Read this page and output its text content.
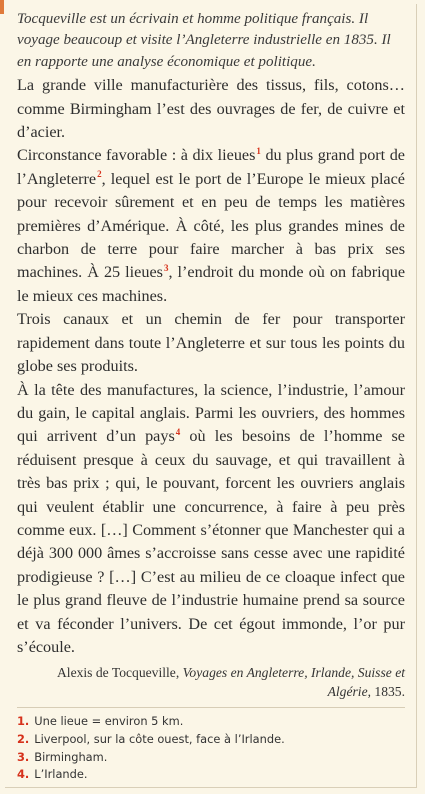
Tocqueville est un écrivain et homme politique français. Il voyage beaucoup et visite l’Angleterre industrielle en 1835. Il en rapporte une analyse économique et politique.

La grande ville manufacturière des tissus, fils, cotons… comme Birmingham l’est des ouvrages de fer, de cuivre et d’acier.

Circonstance favorable : à dix lieues$^1$ du plus grand port de l’Angleterre$^2$, lequel est le port de l’Europe le mieux placé pour recevoir sûrement et en peu de temps les matières premières d’Amérique. À côté, les plus grandes mines de charbon de terre pour faire marcher à bas prix ses machines. À 25 lieues$^3$, l’endroit du monde où on fabrique le mieux ces machines.

Trois canaux et un chemin de fer pour transporter rapidement dans toute l’Angleterre et sur tous les points du globe ses produits.

À la tête des manufactures, la science, l’industrie, l’amour du gain, le capital anglais. Parmi les ouvriers, des hommes qui arrivent d’un pays$^4$ où les besoins de l’homme se réduisent presque à ceux du sauvage, et qui travaillent à très bas prix ; qui, le pouvant, forcent les ouvriers anglais qui veulent établir une concurrence, à faire à peu près comme eux. […] Comment s’étonner que Manchester qui a déjà 300 000 âmes s’accroisse sans cesse avec une rapidité prodigieuse ? […] C’est au milieu de ce cloaque infect que le plus grand fleuve de l’industrie humaine prend sa source et va féconder l’univers. De cet égout immonde, l’or pur s’écoule.

Alexis de Tocqueville, Voyages en Angleterre, Irlande, Suisse et Algérie, 1835.

1. Une lieue = environ 5 km.
2. Liverpool, sur la côte ouest, face à l’Irlande.
3. Birmingham.
4. L’Irlande.
